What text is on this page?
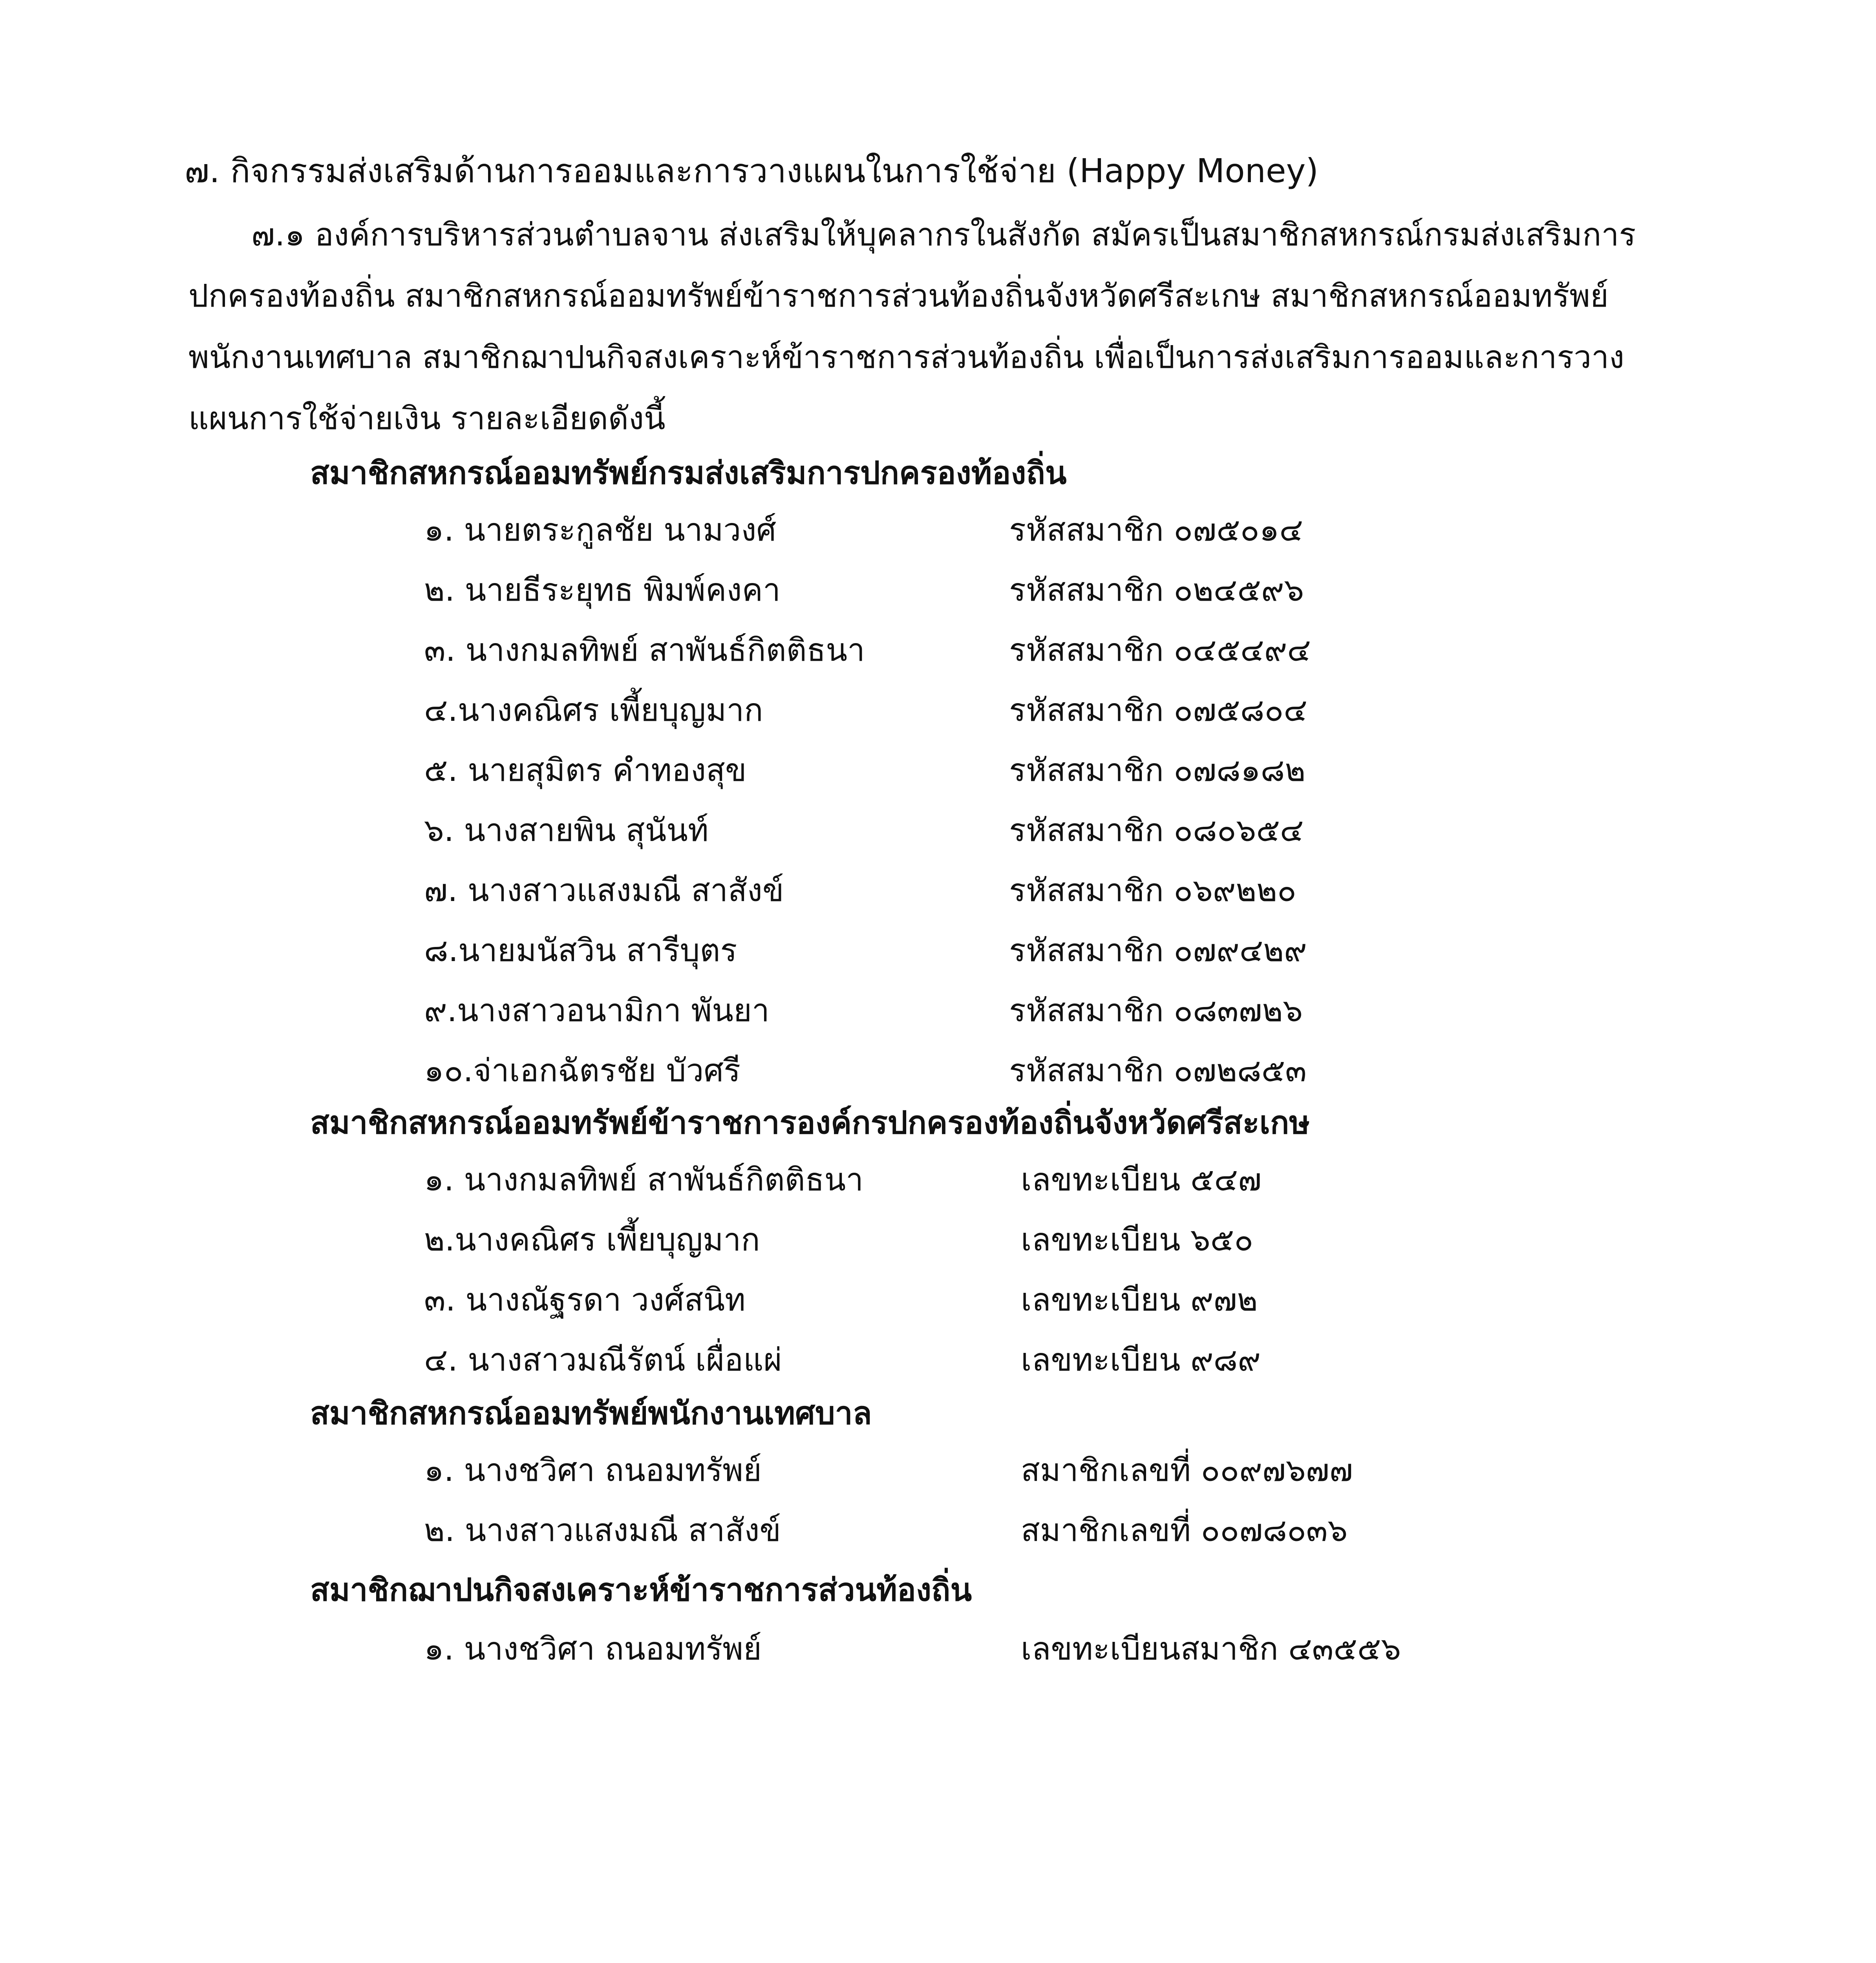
๗. กิจกรรมส่งเสริมด้านการออมและการวางแผนในการใช้จ่าย (Happy Money)
๗.๑ องค์การบริหารส่วนตำบลจาน ส่งเสริมให้บุคลากรในสังกัด สมัครเป็นสมาชิกสหกรณ์กรมส่งเสริมการ
ปกครองท้องถิ่น สมาชิกสหกรณ์ออมทรัพย์ข้าราชการส่วนท้องถิ่นจังหวัดศรีสะเกษ สมาชิกสหกรณ์ออมทรัพย์
พนักงานเทศบาล สมาชิกฌาปนกิจสงเคราะห์ข้าราชการส่วนท้องถิ่น เพื่อเป็นการส่งเสริมการออมและการวาง
แผนการใช้จ่ายเงิน รายละเอียดดังนี้
สมาชิกสหกรณ์ออมทรัพย์กรมส่งเสริมการปกครองท้องถิ่น
๑. นายตระกูลชัย นามวงศ์	รหัสสมาชิก ๐๗๕๐๑๔
๒. นายธีระยุทธ พิมพ์คงคา	รหัสสมาชิก ๐๒๔๕๙๖
๓. นางกมลทิพย์ สาพันธ์กิตติธนา	รหัสสมาชิก ๐๔๕๔๙๔
๔.นางคณิศร เพี้ยบุญมาก	รหัสสมาชิก ๐๗๕๘๐๔
๕. นายสุมิตร คำทองสุข	รหัสสมาชิก ๐๗๘๑๘๒
๖. นางสายพิน สุนันท์	รหัสสมาชิก ๐๘๐๖๕๔
๗. นางสาวแสงมณี สาสังข์	รหัสสมาชิก ๐๖๙๒๒๐
๘.นายมนัสวิน สารีบุตร	รหัสสมาชิก ๐๗๙๔๒๙
๙.นางสาวอนามิกา พันยา	รหัสสมาชิก ๐๘๓๗๒๖
๑๐.จ่าเอกฉัตรชัย บัวศรี	รหัสสมาชิก ๐๗๒๘๕๓
สมาชิกสหกรณ์ออมทรัพย์ข้าราชการองค์กรปกครองท้องถิ่นจังหวัดศรีสะเกษ
๑. นางกมลทิพย์ สาพันธ์กิตติธนา	เลขทะเบียน ๕๔๗
๒.นางคณิศร เพี้ยบุญมาก	เลขทะเบียน ๖๕๐
๓. นางณัฐรดา วงศ์สนิท	เลขทะเบียน ๙๗๒
๔. นางสาวมณีรัตน์ เผื่อแผ่	เลขทะเบียน ๙๘๙
สมาชิกสหกรณ์ออมทรัพย์พนักงานเทศบาล
๑. นางชวิศา ถนอมทรัพย์	สมาชิกเลขที่ ๐๐๙๗๖๗๗
๒. นางสาวแสงมณี สาสังข์	สมาชิกเลขที่ ๐๐๗๘๐๓๖
สมาชิกฌาปนกิจสงเคราะห์ข้าราชการส่วนท้องถิ่น
๑. นางชวิศา ถนอมทรัพย์	เลขทะเบียนสมาชิก ๔๓๕๕๖
